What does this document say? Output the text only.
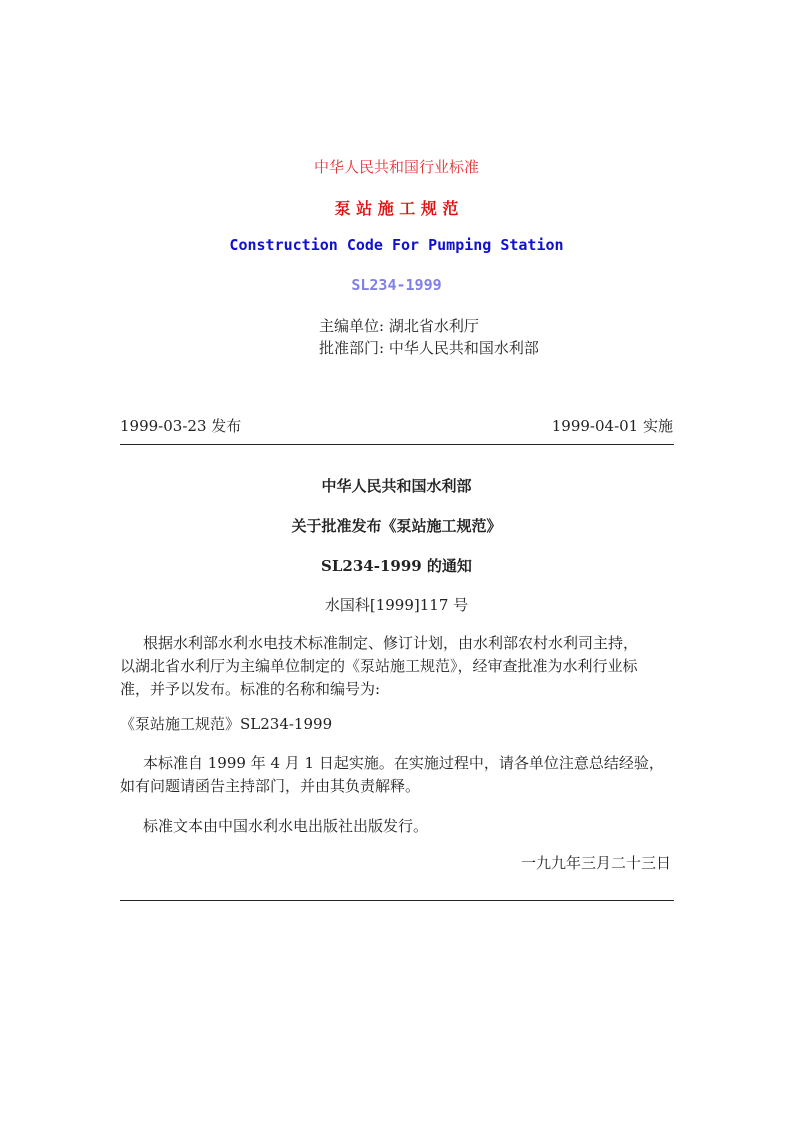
中华人民共和国行业标准
泵 站 施 工 规 范
Construction Code For Pumping Station
SL234-1999
主编单位: 湖北省水利厅
批准部门: 中华人民共和国水利部
1999-03-23 发布	1999-04-01 实施
中华人民共和国水利部
关于批准发布《泵站施工规范》
SL234-1999 的通知
水国科[1999]117 号
根据水利部水利水电技术标准制定、修订计划，由水利部农村水利司主持，
以湖北省水利厅为主编单位制定的《泵站施工规范》，经审查批准为水利行业标
准，并予以发布。标准的名称和编号为:
《泵站施工规范》SL234-1999
本标准自 1999 年 4 月 1 日起实施。在实施过程中，请各单位注意总结经验，
如有问题请函告主持部门，并由其负责解释。
标准文本由中国水利水电出版社出版发行。
一九九年三月二十三日
